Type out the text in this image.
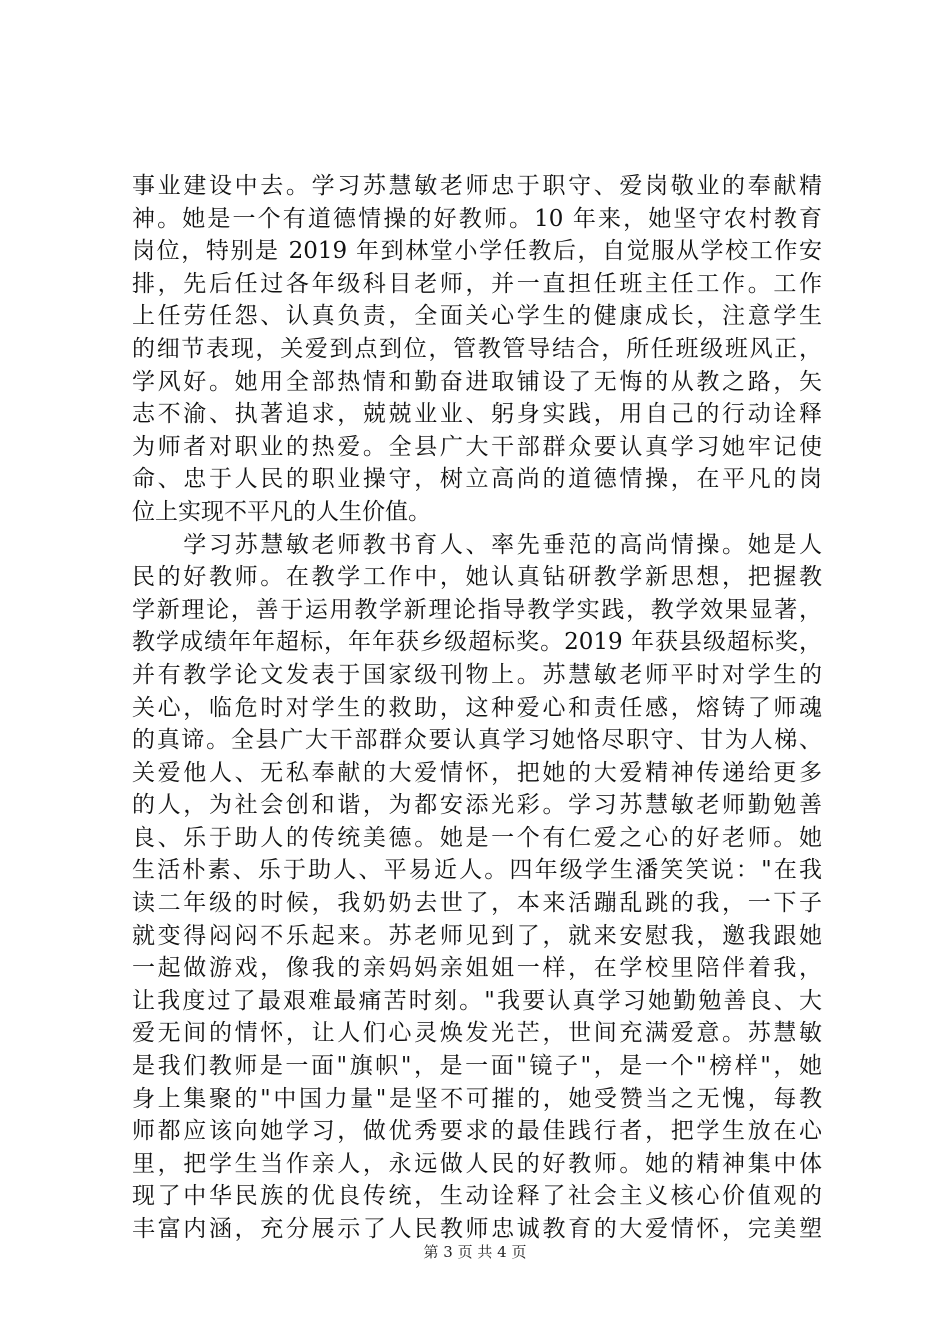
事业建设中去。学习苏慧敏老师忠于职守、爱岗敬业的奉献精
神。她是一个有道德情操的好教师。10 年来，她坚守农村教育
岗位，特别是 2019 年到林堂小学任教后，自觉服从学校工作安
排，先后任过各年级科目老师，并一直担任班主任工作。工作
上任劳任怨、认真负责，全面关心学生的健康成长，注意学生
的细节表现，关爱到点到位，管教管导结合，所任班级班风正，
学风好。她用全部热情和勤奋进取铺设了无悔的从教之路，矢
志不渝、执著追求，兢兢业业、躬身实践，用自己的行动诠释
为师者对职业的热爱。全县广大干部群众要认真学习她牢记使
命、忠于人民的职业操守，树立高尚的道德情操，在平凡的岗
位上实现不平凡的人生价值。
　　学习苏慧敏老师教书育人、率先垂范的高尚情操。她是人
民的好教师。在教学工作中，她认真钻研教学新思想，把握教
学新理论，善于运用教学新理论指导教学实践，教学效果显著，
教学成绩年年超标，年年获乡级超标奖。2019 年获县级超标奖，
并有教学论文发表于国家级刊物上。苏慧敏老师平时对学生的
关心，临危时对学生的救助，这种爱心和责任感，熔铸了师魂
的真谛。全县广大干部群众要认真学习她恪尽职守、甘为人梯、
关爱他人、无私奉献的大爱情怀，把她的大爱精神传递给更多
的人，为社会创和谐，为都安添光彩。学习苏慧敏老师勤勉善
良、乐于助人的传统美德。她是一个有仁爱之心的好老师。她
生活朴素、乐于助人、平易近人。四年级学生潘笑笑说："在我
读二年级的时候，我奶奶去世了，本来活蹦乱跳的我，一下子
就变得闷闷不乐起来。苏老师见到了，就来安慰我，邀我跟她
一起做游戏，像我的亲妈妈亲姐姐一样，在学校里陪伴着我，
让我度过了最艰难最痛苦时刻。"我要认真学习她勤勉善良、大
爱无间的情怀，让人们心灵焕发光芒，世间充满爱意。苏慧敏
是我们教师是一面"旗帜"，是一面"镜子"，是一个"榜样"，她
身上集聚的"中国力量"是坚不可摧的，她受赞当之无愧，每教
师都应该向她学习，做优秀要求的最佳践行者，把学生放在心
里，把学生当作亲人，永远做人民的好教师。她的精神集中体
现了中华民族的优良传统，生动诠释了社会主义核心价值观的
丰富内涵，充分展示了人民教师忠诚教育的大爱情怀，完美塑
第 3 页 共 4 页
